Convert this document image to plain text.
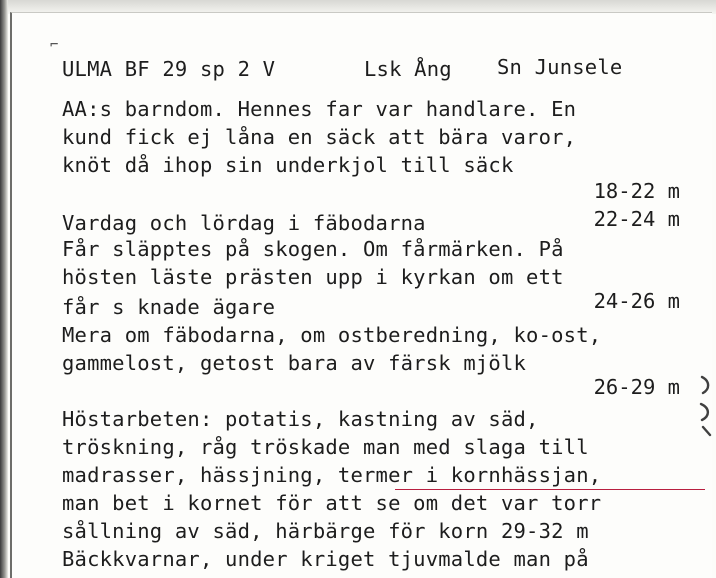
⌐
ULMA BF 29 sp 2 V	Lsk Ång Sn Junsele
AA:s barndom. Hennes far var handlare. En
kund fick ej låna en säck att bära varor,
knöt då ihop sin underkjol till säck
18-22 m
Vardag och lördag i fäbodarna	22-24 m
Får släpptes på skogen. Om fårmärken. På
hösten läste prästen upp i kyrkan om ett
får s knade ägare	24-26 m
Mera om fäbodarna, om ostberedning, ko-ost,
gammelost, getost bara av färsk mjölk
26-29 m
Höstarbeten: potatis, kastning av säd,
tröskning, råg tröskade man med slaga till
madrasser, hässjning, termer i kornhässjan,
man bet i kornet för att se om det var torr
sållning av säd, härbärge för korn 29-32 m
Bäckkvarnar, under kriget tjuvmalde man på
